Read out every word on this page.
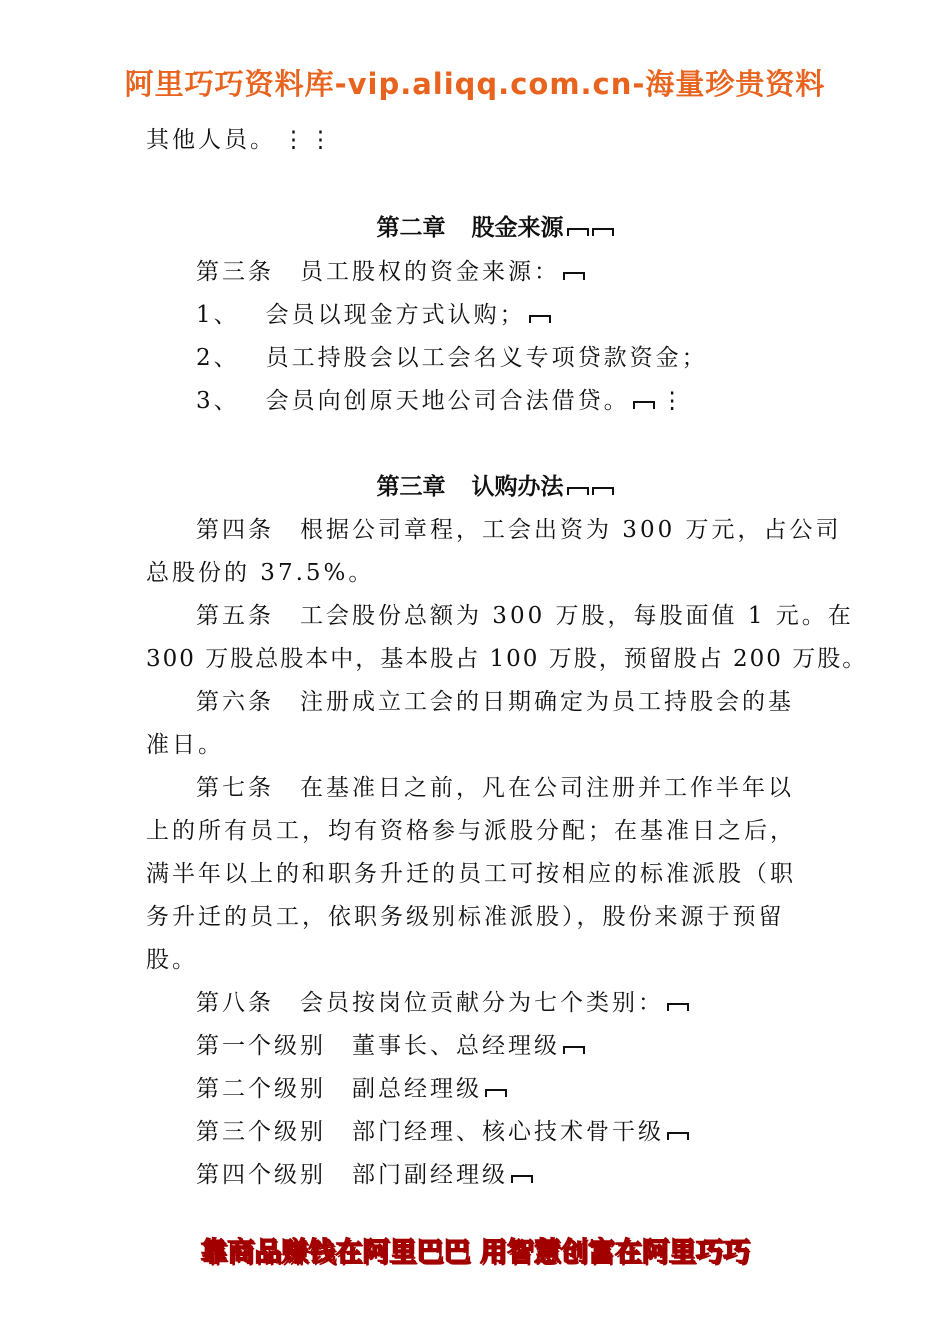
阿里巧巧资料库-vip.aliqq.com.cn-海量珍贵资料
其他人员。 ⋮⋮
第二章 股金来源
第三条 员工股权的资金来源：
1、 会员以现金方式认购；
2、 员工持股会以工会名义专项贷款资金；
3、 会员向创原天地公司合法借贷。 ⋮
第三章 认购办法
第四条 根据公司章程，工会出资为 300 万元，占公司
总股份的 37.5%。
第五条 工会股份总额为 300 万股，每股面值 1 元。在
300 万股总股本中，基本股占 100 万股，预留股占 200 万股。
第六条 注册成立工会的日期确定为员工持股会的基
准日。
第七条 在基准日之前，凡在公司注册并工作半年以
上的所有员工，均有资格参与派股分配；在基准日之后，
满半年以上的和职务升迁的员工可按相应的标准派股（职
务升迁的员工，依职务级别标准派股），股份来源于预留
股。
第八条 会员按岗位贡献分为七个类别：
第一个级别 董事长、总经理级
第二个级别 副总经理级
第三个级别 部门经理、核心技术骨干级
第四个级别 部门副经理级
靠商品赚钱在阿里巴巴 用智慧创富在阿里巧巧
